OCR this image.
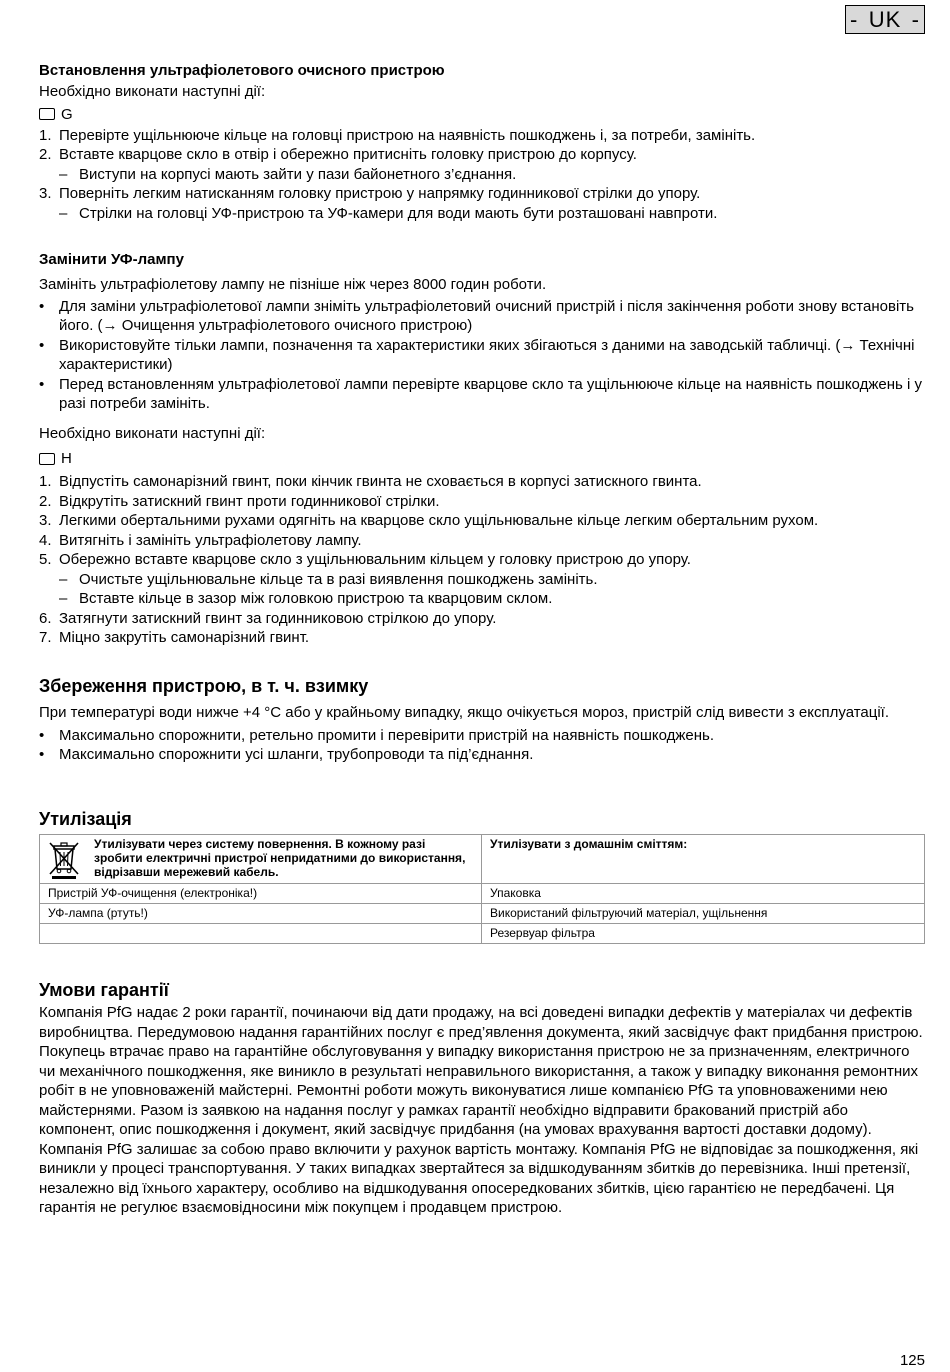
- UK -

Встановлення ультрафіолетового очисного пристрою

Необхідно виконати наступні дії:

G
1. Перевірте ущільнююче кільце на головці пристрою на наявність пошкоджень і, за потреби, замініть.
2. Вставте кварцове скло в отвір і обережно притисніть головку пристрою до корпусу.
– Виступи на корпусі мають зайти у пази байонетного з’єднання.
3. Поверніть легким натисканням головку пристрою у напрямку годинникової стрілки до упору.
– Стрілки на головці УФ-пристрою та УФ-камери для води мають бути розташовані навпроти.

Замінити УФ-лампу

Замініть ультрафіолетову лампу не пізніше ніж через 8000 годин роботи.

• Для заміни ультрафіолетової лампи зніміть ультрафіолетовий очисний пристрій і після закінчення роботи знову встановіть його. (→ Очищення ультрафіолетового очисного пристрою)
• Використовуйте тільки лампи, позначення та характеристики яких збігаються з даними на заводській табличці. (→ Технічні характеристики)
• Перед встановленням ультрафіолетової лампи перевірте кварцове скло та ущільнююче кільце на наявність пошкоджень і у разі потреби замініть.

Необхідно виконати наступні дії:

H
1. Відпустіть самонарізний гвинт, поки кінчик гвинта не сховається в корпусі затискного гвинта.
2. Відкрутіть затискний гвинт проти годинникової стрілки.
3. Легкими обертальними рухами одягніть на кварцове скло ущільнювальне кільце легким обертальним рухом.
4. Витягніть і замініть ультрафіолетову лампу.
5. Обережно вставте кварцове скло з ущільнювальним кільцем у головку пристрою до упору.
– Очистьте ущільнювальне кільце та в разі виявлення пошкоджень замініть.
– Вставте кільце в зазор між головкою пристрою та кварцовим склом.
6. Затягнути затискний гвинт за годинниковою стрілкою до упору.
7. Міцно закрутіть самонарізний гвинт.

Збереження пристрою, в т. ч. взимку

При температурі води нижче +4 °C або у крайньому випадку, якщо очікується мороз, пристрій слід вивести з експлуатації.

• Максимально спорожнити, ретельно промити і перевірити пристрій на наявність пошкоджень.
• Максимально спорожнити усі шланги, трубопроводи та під’єднання.

Утилізація

Утилізувати через систему повернення. В кожному разі зробити електричні пристрої непридатними до використання, відрізавши мережевий кабель.	Утилізувати з домашнім сміттям:
Пристрій УФ-очищення (електроніка!)	Упаковка
УФ-лампа (ртуть!)	Використаний фільтруючий матеріал, ущільнення
	Резервуар фільтра

Умови гарантії

Компанія PfG надає 2 роки гарантії, починаючи від дати продажу, на всі доведені випадки дефектів у матеріалах чи дефектів виробництва. Передумовою надання гарантійних послуг є пред’явлення документа, який засвідчує факт придбання пристрою. Покупець втрачає право на гарантійне обслуговування у випадку використання пристрою не за призначенням, електричного чи механічного пошкодження, яке виникло в результаті неправильного використання, а також у випадку виконання ремонтних робіт в не уповноваженій майстерні. Ремонтні роботи можуть виконуватися лише компанією PfG та уповноваженими нею майстернями. Разом із заявкою на надання послуг у рамках гарантії необхідно відправити бракований пристрій або компонент, опис пошкодження і документ, який засвідчує придбання (на умовах врахування вартості доставки додому). Компанія PfG залишає за собою право включити у рахунок вартість монтажу. Компанія PfG не відповідає за пошкодження, які виникли у процесі транспортування. У таких випадках звертайтеся за відшкодуванням збитків до перевізника. Інші претензії, незалежно від їхнього характеру, особливо на відшкодування опосередкованих збитків, цією гарантією не передбачені. Ця гарантія не регулює взаємовідносини між покупцем і продавцем пристрою.

125
